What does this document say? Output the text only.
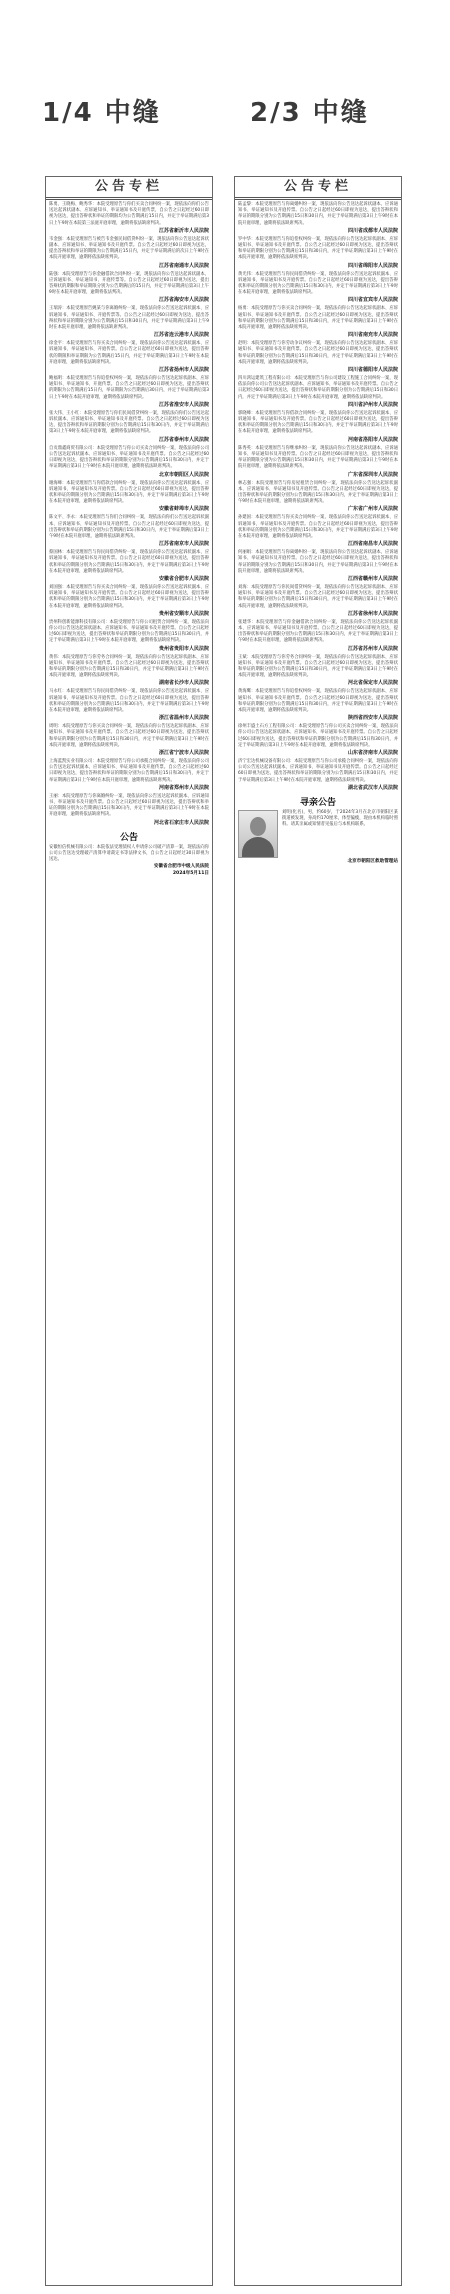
1/4 中缝	2/3 中缝
公告专栏
陈勇、王晓梅、鲍秀华：本院受理原告与你们买卖合同纠纷一案，现依法向你们公告送达起诉状副本、应诉通知书、举证通知书及开庭传票，自公告之日起经过60日即视为送达，提出答辩状和举证的期限均为公告期满后15日内，并定于举证期满后第3日上午9时在本院第三法庭开庭审理，逾期将依法缺席判决。
江苏省新沂市人民法院
韦金强：本院受理原告与被告韦金强民间借贷纠纷一案，现依法向你公告送达起诉状副本、应诉通知书、举证通知书及开庭传票。自公告之日起经过60日即视为送达，提出答辩状和举证的期限为公告期满后15日内，并定于举证期满后的次日上午9时在本院开庭审理，逾期将依法缺席判决。
江苏省南通市人民法院
陆强：本院受理原告与你金融借款合同纠纷一案，现依法向你公告送达起诉状副本、应诉通知书、举证通知书、开庭传票等。自公告之日起经过60日即视为送达，提出答辩状的期限和举证期限分别为公告期满后的15日内，并定于举证期满后第3日上午9时在本院开庭审理，逾期将依法判决。
江苏省海安市人民法院
王瑞涛：本院受理原告姚某与你离婚纠纷一案，现依法向你公告送达起诉状副本、应诉通知书、举证通知书、开庭传票等。自公告之日起经过60日即视为送达，提出答辩状和举证的期限分别为公告期满后15日和30日内，并定于举证期满后第3日上午9时在本院开庭审理，逾期将依法缺席判决。
江苏省连云港市人民法院
徐金平：本院受理原告与你买卖合同纠纷一案，现依法向你公告送达起诉状副本、应诉通知书、举证通知书、开庭传票。自公告之日起经过60日即视为送达，提出答辩状的期限和举证期限为公告期满后15日内，并定于举证期满后第3日上午9时在本院开庭审理，逾期将依法缺席判决。
江苏省扬州市人民法院
鲍福明：本院受理原告与你追偿权纠纷一案，现依法向你公告送达起诉状副本、应诉通知书、举证通知书、开庭传票。自公告之日起经过60日即视为送达，提出答辩状的期限为公告期满后15日内，举证期限为公告期满后30日内，并定于举证期满后第3日上午9时在本院开庭审理，逾期将依法缺席判决。
江苏省淮安市人民法院
张大伟、王小红：本院受理原告与你们民间借贷纠纷一案，现依法向你们公告送达起诉状副本、应诉通知书、举证通知书及开庭传票。自公告之日起经过60日即视为送达，提出答辩状和举证的期限分别为公告期满后15日和30日内，并定于举证期满后第3日上午9时在本院开庭审理，逾期将依法缺席判决。
江苏省泰州市人民法院
自贡鼎鑫商贸有限公司：本院受理原告与你公司买卖合同纠纷一案，现依法向你公司公告送达起诉状副本、应诉通知书、举证通知书及开庭传票。自公告之日起经过60日即视为送达，提出答辩状和举证的期限分别为公告期满后15日和30日内，并定于举证期满后第3日上午9时在本院开庭审理，逾期将依法缺席判决。
北京市朝阳区人民法院
谢海峰：本院受理原告与你借款合同纠纷一案，现依法向你公告送达起诉状副本、应诉通知书、举证通知书及开庭传票。自公告之日起经过60日即视为送达，提出答辩状和举证的期限分别为公告期满后15日和30日内，并定于举证期满后第3日上午9时在本院开庭审理，逾期将依法缺席判决。
安徽省蚌埠市人民法院
陈文平、李永：本院受理原告与你们合同纠纷一案，现依法向你们公告送达起诉状副本、应诉通知书、举证通知书及开庭传票。自公告之日起经过60日即视为送达，提出答辩状和举证的期限分别为公告期满后15日和30日内，并定于举证期满后第3日上午9时在本院开庭审理，逾期将依法缺席判决。
江苏省南京市人民法院
蔡国林：本院受理原告与你民间借贷纠纷一案，现依法向你公告送达起诉状副本、应诉通知书、举证通知书及开庭传票。自公告之日起经过60日即视为送达，提出答辩状和举证的期限分别为公告期满后15日和30日内，并定于举证期满后第3日上午9时在本院开庭审理，逾期将依法缺席判决。
安徽省合肥市人民法院
刘国强：本院受理原告与你买卖合同纠纷一案，现依法向你公告送达起诉状副本、应诉通知书、举证通知书及开庭传票。自公告之日起经过60日即视为送达，提出答辩状和举证的期限分别为公告期满后15日和30日内，并定于举证期满后第3日上午9时在本院开庭审理，逾期将依法缺席判决。
贵州省安顺市人民法院
贵州科创新能源科技有限公司：本院受理原告与你公司租赁合同纠纷一案，现依法向你公司公告送达起诉状副本、应诉通知书、举证通知书及开庭传票。自公告之日起经过60日即视为送达，提出答辩状和举证的期限分别为公告期满后15日和30日内，并定于举证期满后第3日上午9时在本院开庭审理，逾期将依法缺席判决。
贵州省贵阳市人民法院
黄伟：本院受理原告与你劳务合同纠纷一案，现依法向你公告送达起诉状副本、应诉通知书、举证通知书及开庭传票。自公告之日起经过60日即视为送达，提出答辩状和举证的期限分别为公告期满后15日和30日内，并定于举证期满后第3日上午9时在本院开庭审理，逾期将依法缺席判决。
湖南省长沙市人民法院
马永红：本院受理原告与你民间借贷纠纷一案，现依法向你公告送达起诉状副本、应诉通知书、举证通知书及开庭传票。自公告之日起经过60日即视为送达，提出答辩状和举证的期限分别为公告期满后15日和30日内，并定于举证期满后第3日上午9时在本院开庭审理，逾期将依法缺席判决。
浙江省温州市人民法院
周明：本院受理原告与你买卖合同纠纷一案，现依法向你公告送达起诉状副本、应诉通知书、举证通知书及开庭传票。自公告之日起经过60日即视为送达，提出答辩状和举证的期限分别为公告期满后15日和30日内，并定于举证期满后第3日上午9时在本院开庭审理，逾期将依法缺席判决。
浙江省宁波市人民法院
上海蓝凯实业有限公司：本院受理原告与你公司承揽合同纠纷一案，现依法向你公司公告送达起诉状副本、应诉通知书、举证通知书及开庭传票。自公告之日起经过60日即视为送达，提出答辩状和举证的期限分别为公告期满后15日和30日内，并定于举证期满后第3日上午9时在本院开庭审理，逾期将依法缺席判决。
河南省郑州市人民法院
王丽：本院受理原告与你离婚纠纷一案，现依法向你公告送达起诉状副本、应诉通知书、举证通知书及开庭传票。自公告之日起经过60日即视为送达，提出答辩状和举证的期限分别为公告期满后15日和30日内，并定于举证期满后第3日上午9时在本院开庭审理，逾期将依法缺席判决。
河北省石家庄市人民法院
公告
安徽恒信机械有限公司：本院依法受理债权人申请你公司破产清算一案，现依法向你公司公告送达受理破产清算申请裁定书等法律文书，自公告之日起经过30日即视为送达。
安徽省合肥市中级人民法院
2024年5月11日
公告专栏
陆孟黎：本院受理原告与你离婚纠纷一案，现依法向你公告送达起诉状副本、应诉通知书、举证通知书及开庭传票。自公告之日起经过60日即视为送达，提出答辩状和举证的期限分别为公告期满后15日和30日内，并定于举证期满后第3日上午9时在本院开庭审理，逾期将依法缺席判决。
四川省成都市人民法院
罗中华：本院受理原告与你追偿权纠纷一案，现依法向你公告送达起诉状副本、应诉通知书、举证通知书及开庭传票。自公告之日起经过60日即视为送达，提出答辩状和举证的期限分别为公告期满后15日和30日内，并定于举证期满后第3日上午9时在本院开庭审理，逾期将依法缺席判决。
四川省绵阳市人民法院
黄光伟：本院受理原告与你民间借贷纠纷一案，现依法向你公告送达起诉状副本、应诉通知书、举证通知书及开庭传票。自公告之日起经过60日即视为送达，提出答辩状和举证的期限分别为公告期满后15日和30日内，并定于举证期满后第3日上午9时在本院开庭审理，逾期将依法缺席判决。
四川省宜宾市人民法院
杨勇：本院受理原告与你买卖合同纠纷一案，现依法向你公告送达起诉状副本、应诉通知书、举证通知书及开庭传票。自公告之日起经过60日即视为送达，提出答辩状和举证的期限分别为公告期满后15日和30日内，并定于举证期满后第3日上午9时在本院开庭审理，逾期将依法缺席判决。
四川省南充市人民法院
赵明：本院受理原告与你劳动争议纠纷一案，现依法向你公告送达起诉状副本、应诉通知书、举证通知书及开庭传票。自公告之日起经过60日即视为送达，提出答辩状和举证的期限分别为公告期满后15日和30日内，并定于举证期满后第3日上午9时在本院开庭审理，逾期将依法缺席判决。
四川省德阳市人民法院
四川鸿运建筑工程有限公司：本院受理原告与你公司建设工程施工合同纠纷一案，现依法向你公司公告送达起诉状副本、应诉通知书、举证通知书及开庭传票。自公告之日起经过60日即视为送达，提出答辩状和举证的期限分别为公告期满后15日和30日内，并定于举证期满后第3日上午9时在本院开庭审理，逾期将依法缺席判决。
四川省泸州市人民法院
郭晓峰：本院受理原告与你借款合同纠纷一案，现依法向你公告送达起诉状副本、应诉通知书、举证通知书及开庭传票。自公告之日起经过60日即视为送达，提出答辩状和举证的期限分别为公告期满后15日和30日内，并定于举证期满后第3日上午9时在本院开庭审理，逾期将依法缺席判决。
河南省洛阳市人民法院
陈秀英：本院受理原告与你继承纠纷一案，现依法向你公告送达起诉状副本、应诉通知书、举证通知书及开庭传票。自公告之日起经过60日即视为送达，提出答辩状和举证的期限分别为公告期满后15日和30日内，并定于举证期满后第3日上午9时在本院开庭审理，逾期将依法缺席判决。
广东省深圳市人民法院
林志强：本院受理原告与你房屋租赁合同纠纷一案，现依法向你公告送达起诉状副本、应诉通知书、举证通知书及开庭传票。自公告之日起经过60日即视为送达，提出答辩状和举证的期限分别为公告期满后15日和30日内，并定于举证期满后第3日上午9时在本院开庭审理，逾期将依法缺席判决。
广东省广州市人民法院
孙建国：本院受理原告与你买卖合同纠纷一案，现依法向你公告送达起诉状副本、应诉通知书、举证通知书及开庭传票。自公告之日起经过60日即视为送达，提出答辩状和举证的期限分别为公告期满后15日和30日内，并定于举证期满后第3日上午9时在本院开庭审理，逾期将依法缺席判决。
江西省南昌市人民法院
何丽娟：本院受理原告与你离婚纠纷一案，现依法向你公告送达起诉状副本、应诉通知书、举证通知书及开庭传票。自公告之日起经过60日即视为送达，提出答辩状和举证的期限分别为公告期满后15日和30日内，并定于举证期满后第3日上午9时在本院开庭审理，逾期将依法缺席判决。
江西省赣州市人民法院
刘海：本院受理原告与你民间借贷纠纷一案，现依法向你公告送达起诉状副本、应诉通知书、举证通知书及开庭传票。自公告之日起经过60日即视为送达，提出答辩状和举证的期限分别为公告期满后15日和30日内，并定于举证期满后第3日上午9时在本院开庭审理，逾期将依法缺席判决。
江苏省徐州市人民法院
张建华：本院受理原告与你金融借款合同纠纷一案，现依法向你公告送达起诉状副本、应诉通知书、举证通知书及开庭传票。自公告之日起经过60日即视为送达，提出答辩状和举证的期限分别为公告期满后15日和30日内，并定于举证期满后第3日上午9时在本院开庭审理，逾期将依法缺席判决。
江苏省苏州市人民法院
王斌：本院受理原告与你劳务合同纠纷一案，现依法向你公告送达起诉状副本、应诉通知书、举证通知书及开庭传票。自公告之日起经过60日即视为送达，提出答辩状和举证的期限分别为公告期满后15日和30日内，并定于举证期满后第3日上午9时在本院开庭审理，逾期将依法缺席判决。
河北省保定市人民法院
黄海鹰：本院受理原告与你追偿权纠纷一案，现依法向你公告送达起诉状副本、应诉通知书、举证通知书及开庭传票。自公告之日起经过60日即视为送达，提出答辩状和举证的期限分别为公告期满后15日和30日内，并定于举证期满后第3日上午9时在本院开庭审理，逾期将依法缺席判决。
陕西省西安市人民法院
徐州丰盛土石方工程有限公司：本院受理原告与你公司买卖合同纠纷一案，现依法向你公司公告送达起诉状副本、应诉通知书、举证通知书及开庭传票。自公告之日起经过60日即视为送达，提出答辩状和举证的期限分别为公告期满后15日和30日内，并定于举证期满后第3日上午9时在本院开庭审理，逾期将依法缺席判决。
山东省济南市人民法院
济宁宏达机械设备有限公司：本院受理原告与你公司承揽合同纠纷一案，现依法向你公司公告送达起诉状副本、应诉通知书、举证通知书及开庭传票。自公告之日起经过60日即视为送达，提出答辩状和举证的期限分别为公告期满后15日和30日内，并定于举证期满后第3日上午9时在本院开庭审理，逾期将依法缺席判决。
湖北省武汉市人民法院
寻亲公告
刘明(化名)，男，约60岁，于2024年3月在北京市朝阳区某街道被发现，身高约170厘米，体型偏瘦，现由本机构临时照料。请其亲属或知情者见报后与本机构联系。
北京市朝阳区救助管理站
